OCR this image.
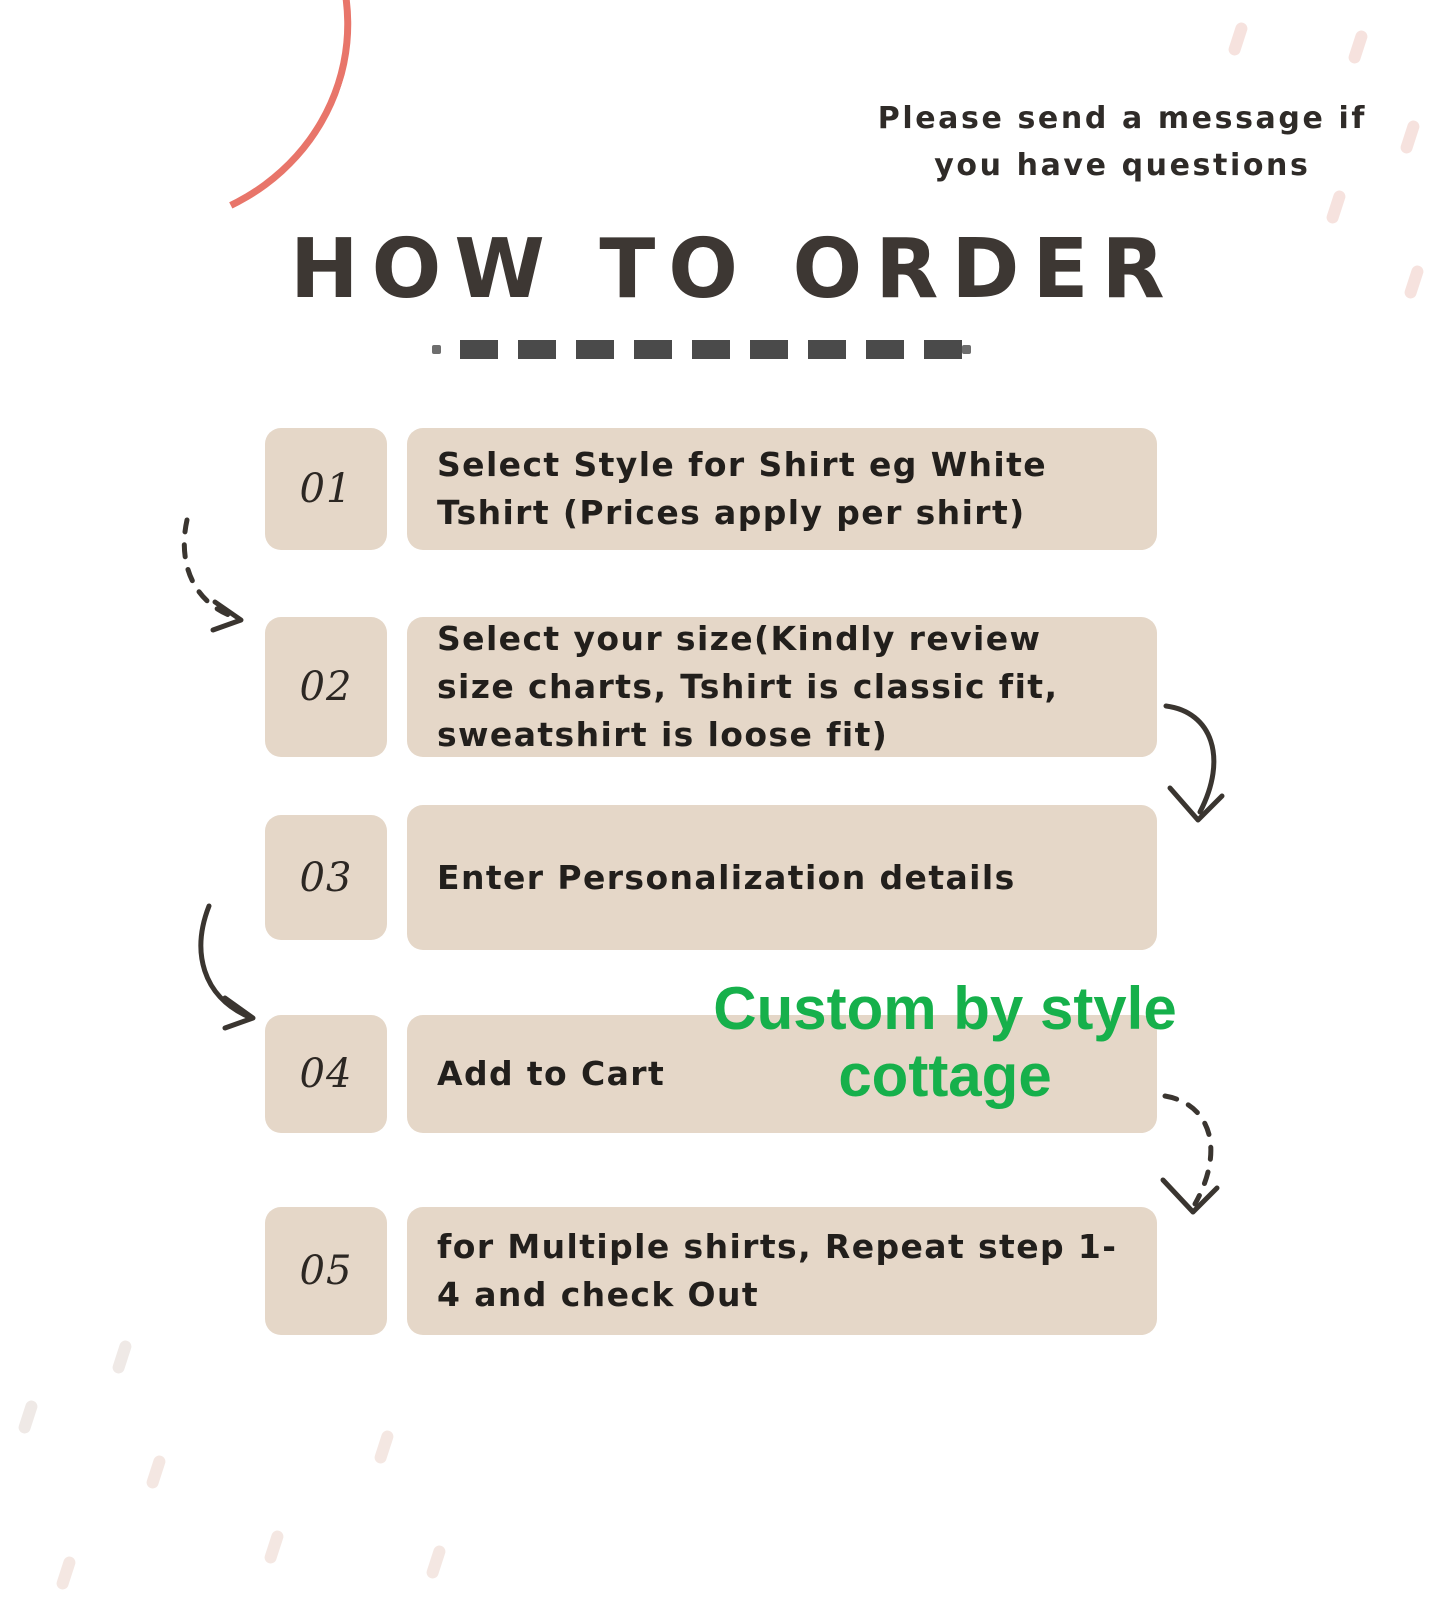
Please send a message if
you have questions
HOW TO ORDER
01
Select Style for Shirt eg White Tshirt (Prices apply per shirt)
02
Select your size(Kindly review size charts, Tshirt is classic fit, sweatshirt is loose fit)
03	Enter Personalization details
04	Add to Cart
05
for Multiple shirts, Repeat step 1-4 and check Out
Custom by style
cottage
